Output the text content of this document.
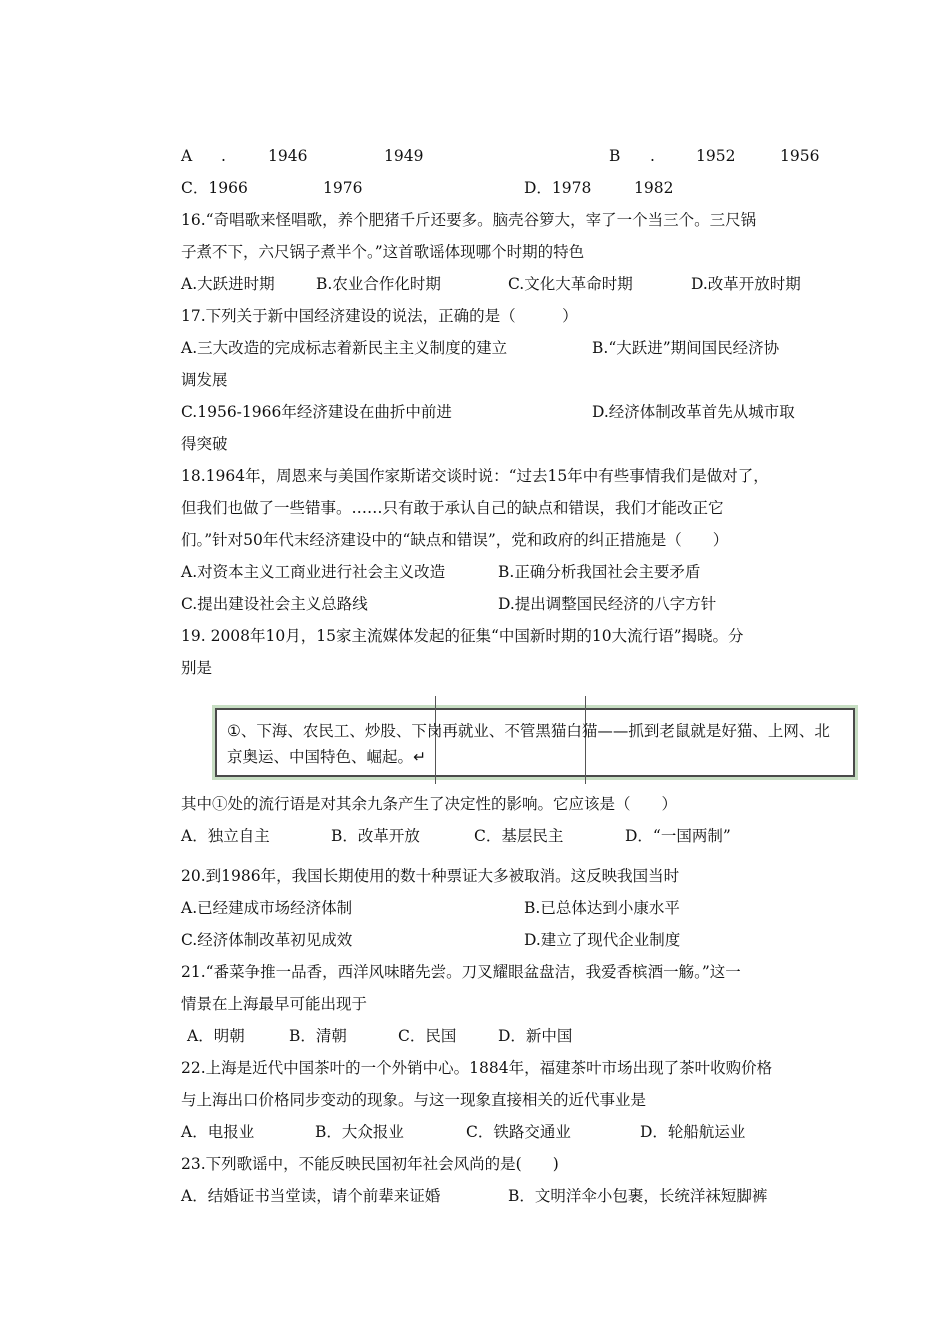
A .	1946	1949	B .	1952	1956
C．1966	1976	D．1978	1982
16.“奇唱歌来怪唱歌，养个肥猪千斤还要多。脑壳谷箩大，宰了一个当三个。三尺锅
子煮不下，六尺锅子煮半个。”这首歌谣体现哪个时期的特色
A.大跃进时期	B.农业合作化时期	C.文化大革命时期	D.改革开放时期
17.下列关于新中国经济建设的说法，正确的是（　　　）
A.三大改造的完成标志着新民主主义制度的建立	B.“大跃进”期间国民经济协
调发展
C.1956-1966年经济建设在曲折中前进	D.经济体制改革首先从城市取
得突破
18.1964年，周恩来与美国作家斯诺交谈时说：“过去15年中有些事情我们是做对了，
但我们也做了一些错事。……只有敢于承认自己的缺点和错误，我们才能改正它
们。”针对50年代末经济建设中的“缺点和错误”，党和政府的纠正措施是（　　）
A.对资本主义工商业进行社会主义改造	B.正确分析我国社会主要矛盾
C.提出建设社会主义总路线	D.提出调整国民经济的八字方针
19. 2008年10月，15家主流媒体发起的征集“中国新时期的10大流行语”揭晓。分
别是
①、下海、农民工、炒股、下岗再就业、不管黑猫白猫——抓到老鼠就是好猫、上网、北京奥运、中国特色、崛起。↵
其中①处的流行语是对其余九条产生了决定性的影响。它应该是（　　）
A．独立自主	B．改革开放	C．基层民主	D．“一国两制”
20.到1986年，我国长期使用的数十种票证大多被取消。这反映我国当时
A.已经建成市场经济体制	B.已总体达到小康水平
C.经济体制改革初见成效	D.建立了现代企业制度
21.“番菜争推一品香，西洋风味睹先尝。刀叉耀眼盆盘洁，我爱香槟酒一觞。”这一
情景在上海最早可能出现于
A．明朝	B．清朝	C．民国	D．新中国
22.上海是近代中国茶叶的一个外销中心。1884年，福建茶叶市场出现了茶叶收购价格
与上海出口价格同步变动的现象。与这一现象直接相关的近代事业是
A．电报业	B．大众报业	C．铁路交通业	D．轮船航运业
23.下列歌谣中，不能反映民国初年社会风尚的是(　　)
A．结婚证书当堂读，请个前辈来证婚	B．文明洋伞小包裹，长统洋袜短脚裤
